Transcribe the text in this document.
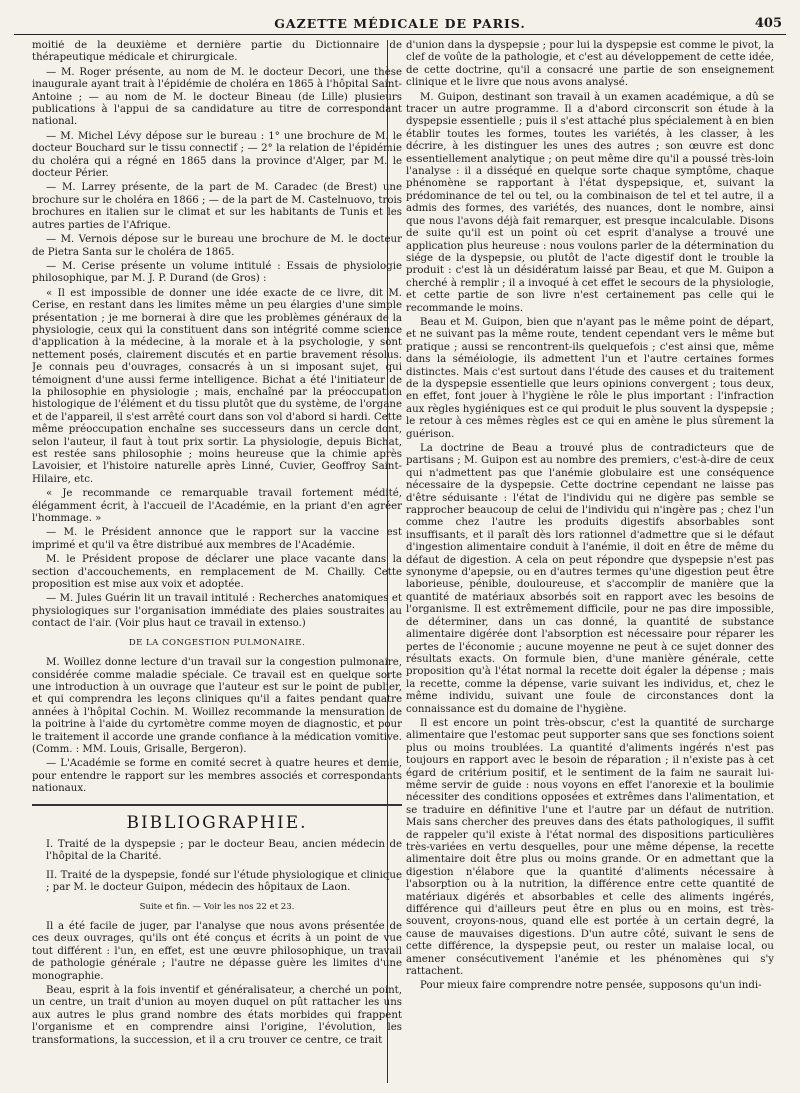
GAZETTE MÉDICALE DE PARIS.	405

moitié de la deuxième et dernière partie du Dictionnaire de thérapeutique médicale et chirurgicale.

— M. Roger présente, au nom de M. le docteur Decori, une thèse inaugurale ayant trait à l'épidémie de choléra en 1865 à l'hôpital Saint-Antoine ; — au nom de M. le docteur Bineau (de Lille) plusieurs publications à l'appui de sa candidature au titre de correspondant national.

— M. Michel Lévy dépose sur le bureau : 1° une brochure de M. le docteur Bouchard sur le tissu connectif ; — 2° la relation de l'épidémie du choléra qui a régné en 1865 dans la province d'Alger, par M. le docteur Périer.

— M. Larrey présente, de la part de M. Caradec (de Brest) une brochure sur le choléra en 1866 ; — de la part de M. Castelnuovo, trois brochures en italien sur le climat et sur les habitants de Tunis et les autres parties de l'Afrique.

— M. Vernois dépose sur le bureau une brochure de M. le docteur de Pietra Santa sur le choléra de 1865.

— M. Cerise présente un volume intitulé : Essais de physiologie philosophique, par M. J. P. Durand (de Gros) :

« Il est impossible de donner une idée exacte de ce livre, dit M. Cerise, en restant dans les limites même un peu élargies d'une simple présentation ; je me bornerai à dire que les problèmes généraux de la physiologie, ceux qui la constituent dans son intégrité comme science d'application à la médecine, à la morale et à la psychologie, y sont nettement posés, clairement discutés et en partie bravement résolus. Je connais peu d'ouvrages, consacrés à un si imposant sujet, qui témoignent d'une aussi ferme intelligence. Bichat a été l'initiateur de la philosophie en physiologie ; mais, enchaîné par la préoccupation histologique de l'élément et du tissu plutôt que du système, de l'organe et de l'appareil, il s'est arrêté court dans son vol d'abord si hardi. Cette même préoccupation enchaîne ses successeurs dans un cercle dont, selon l'auteur, il faut à tout prix sortir. La physiologie, depuis Bichat, est restée sans philosophie ; moins heureuse que la chimie après Lavoisier, et l'histoire naturelle après Linné, Cuvier, Geoffroy Saint-Hilaire, etc.

« Je recommande ce remarquable travail fortement médité, élégamment écrit, à l'accueil de l'Académie, en la priant d'en agréer l'hommage. »

— M. le Président annonce que le rapport sur la vaccine est imprimé et qu'il va être distribué aux membres de l'Académie.

M. le Président propose de déclarer une place vacante dans la section d'accouchements, en remplacement de M. Chailly. Cette proposition est mise aux voix et adoptée.

— M. Jules Guérin lit un travail intitulé : Recherches anatomiques et physiologiques sur l'organisation immédiate des plaies soustraites au contact de l'air. (Voir plus haut ce travail in extenso.)

DE LA CONGESTION PULMONAIRE.

M. Woillez donne lecture d'un travail sur la congestion pulmonaire, considérée comme maladie spéciale. Ce travail est en quelque sorte une introduction à un ouvrage que l'auteur est sur le point de publier, et qui comprendra les leçons cliniques qu'il a faites pendant quatre années à l'hôpital Cochin. M. Woillez recommande la mensuration de la poitrine à l'aide du cyrtomètre comme moyen de diagnostic, et pour le traitement il accorde une grande confiance à la médication vomitive. (Comm. : MM. Louis, Grisalle, Bergeron).

— L'Académie se forme en comité secret à quatre heures et demie, pour entendre le rapport sur les membres associés et correspondants nationaux.

BIBLIOGRAPHIE.

I. Traité de la dyspepsie ; par le docteur Beau, ancien médecin de l'hôpital de la Charité.

II. Traité de la dyspepsie, fondé sur l'étude physiologique et clinique ; par M. le docteur Guipon, médecin des hôpitaux de Laon.

Suite et fin. — Voir les nos 22 et 23.

Il a été facile de juger, par l'analyse que nous avons présentée de ces deux ouvrages, qu'ils ont été conçus et écrits à un point de vue tout différent : l'un, en effet, est une œuvre philosophique, un travail de pathologie générale ; l'autre ne dépasse guère les limites d'une monographie.

Beau, esprit à la fois inventif et généralisateur, a cherché un point, un centre, un trait d'union au moyen duquel on pût rattacher les uns aux autres le plus grand nombre des états morbides qui frappent l'organisme et en comprendre ainsi l'origine, l'évolution, les transformations, la succession, et il a cru trouver ce centre, ce trait

d'union dans la dyspepsie ; pour lui la dyspepsie est comme le pivot, la clef de voûte de la pathologie, et c'est au développement de cette idée, de cette doctrine, qu'il a consacré une partie de son enseignement clinique et le livre que nous avons analysé.

M. Guipon, destinant son travail à un examen académique, a dû se tracer un autre programme. Il a d'abord circonscrit son étude à la dyspepsie essentielle ; puis il s'est attaché plus spécialement à en bien établir toutes les formes, toutes les variétés, à les classer, à les décrire, à les distinguer les unes des autres ; son œuvre est donc essentiellement analytique ; on peut même dire qu'il a poussé très-loin l'analyse : il a disséqué en quelque sorte chaque symptôme, chaque phénomène se rapportant à l'état dyspepsique, et, suivant la prédominance de tel ou tel, ou la combinaison de tel et tel autre, il a admis des formes, des variétés, des nuances, dont le nombre, ainsi que nous l'avons déjà fait remarquer, est presque incalculable. Disons de suite qu'il est un point où cet esprit d'analyse a trouvé une application plus heureuse : nous voulons parler de la détermination du siége de la dyspepsie, ou plutôt de l'acte digestif dont le trouble la produit : c'est là un désidératum laissé par Beau, et que M. Guipon a cherché à remplir ; il a invoqué à cet effet le secours de la physiologie, et cette partie de son livre n'est certainement pas celle qui le recommande le moins.

Beau et M. Guipon, bien que n'ayant pas le même point de départ, et ne suivant pas la même route, tendent cependant vers le même but pratique ; aussi se rencontrent-ils quelquefois ; c'est ainsi que, même dans la séméiologie, ils admettent l'un et l'autre certaines formes distinctes. Mais c'est surtout dans l'étude des causes et du traitement de la dyspepsie essentielle que leurs opinions convergent ; tous deux, en effet, font jouer à l'hygiène le rôle le plus important : l'infraction aux règles hygiéniques est ce qui produit le plus souvent la dyspepsie ; le retour à ces mêmes règles est ce qui en amène le plus sûrement la guérison.

La doctrine de Beau a trouvé plus de contradicteurs que de partisans ; M. Guipon est au nombre des premiers, c'est-à-dire de ceux qui n'admettent pas que l'anémie globulaire est une conséquence nécessaire de la dyspepsie. Cette doctrine cependant ne laisse pas d'être séduisante : l'état de l'individu qui ne digère pas semble se rapprocher beaucoup de celui de l'individu qui n'ingère pas ; chez l'un comme chez l'autre les produits digestifs absorbables sont insuffisants, et il paraît dès lors rationnel d'admettre que si le défaut d'ingestion alimentaire conduit à l'anémie, il doit en être de même du défaut de digestion. A cela on peut répondre que dyspepsie n'est pas synonyme d'apepsie, ou en d'autres termes qu'une digestion peut être laborieuse, pénible, douloureuse, et s'accomplir de manière que la quantité de matériaux absorbés soit en rapport avec les besoins de l'organisme. Il est extrêmement difficile, pour ne pas dire impossible, de déterminer, dans un cas donné, la quantité de substance alimentaire digérée dont l'absorption est nécessaire pour réparer les pertes de l'économie ; aucune moyenne ne peut à ce sujet donner des résultats exacts. On formule bien, d'une manière générale, cette proposition qu'à l'état normal la recette doit égaler la dépense ; mais la recette, comme la dépense, varie suivant les individus, et, chez le même individu, suivant une foule de circonstances dont la connaissance est du domaine de l'hygiène.

Il est encore un point très-obscur, c'est la quantité de surcharge alimentaire que l'estomac peut supporter sans que ses fonctions soient plus ou moins troublées. La quantité d'aliments ingérés n'est pas toujours en rapport avec le besoin de réparation ; il n'existe pas à cet égard de critérium positif, et le sentiment de la faim ne saurait lui-même servir de guide : nous voyons en effet l'anorexie et la boulimie nécessiter des conditions opposées et extrêmes dans l'alimentation, et se traduire en définitive l'une et l'autre par un défaut de nutrition. Mais sans chercher des preuves dans des états pathologiques, il suffit de rappeler qu'il existe à l'état normal des dispositions particulières très-variées en vertu desquelles, pour une même dépense, la recette alimentaire doit être plus ou moins grande. Or en admettant que la digestion n'élabore que la quantité d'aliments nécessaire à l'absorption ou à la nutrition, la différence entre cette quantité de matériaux digérés et absorbables et celle des aliments ingérés, différence qui d'ailleurs peut être en plus ou en moins, est très-souvent, croyons-nous, quand elle est portée à un certain degré, la cause de mauvaises digestions. D'un autre côté, suivant le sens de cette différence, la dyspepsie peut, ou rester un malaise local, ou amener consécutivement l'anémie et les phénomènes qui s'y rattachent.

Pour mieux faire comprendre notre pensée, supposons qu'un indi-
